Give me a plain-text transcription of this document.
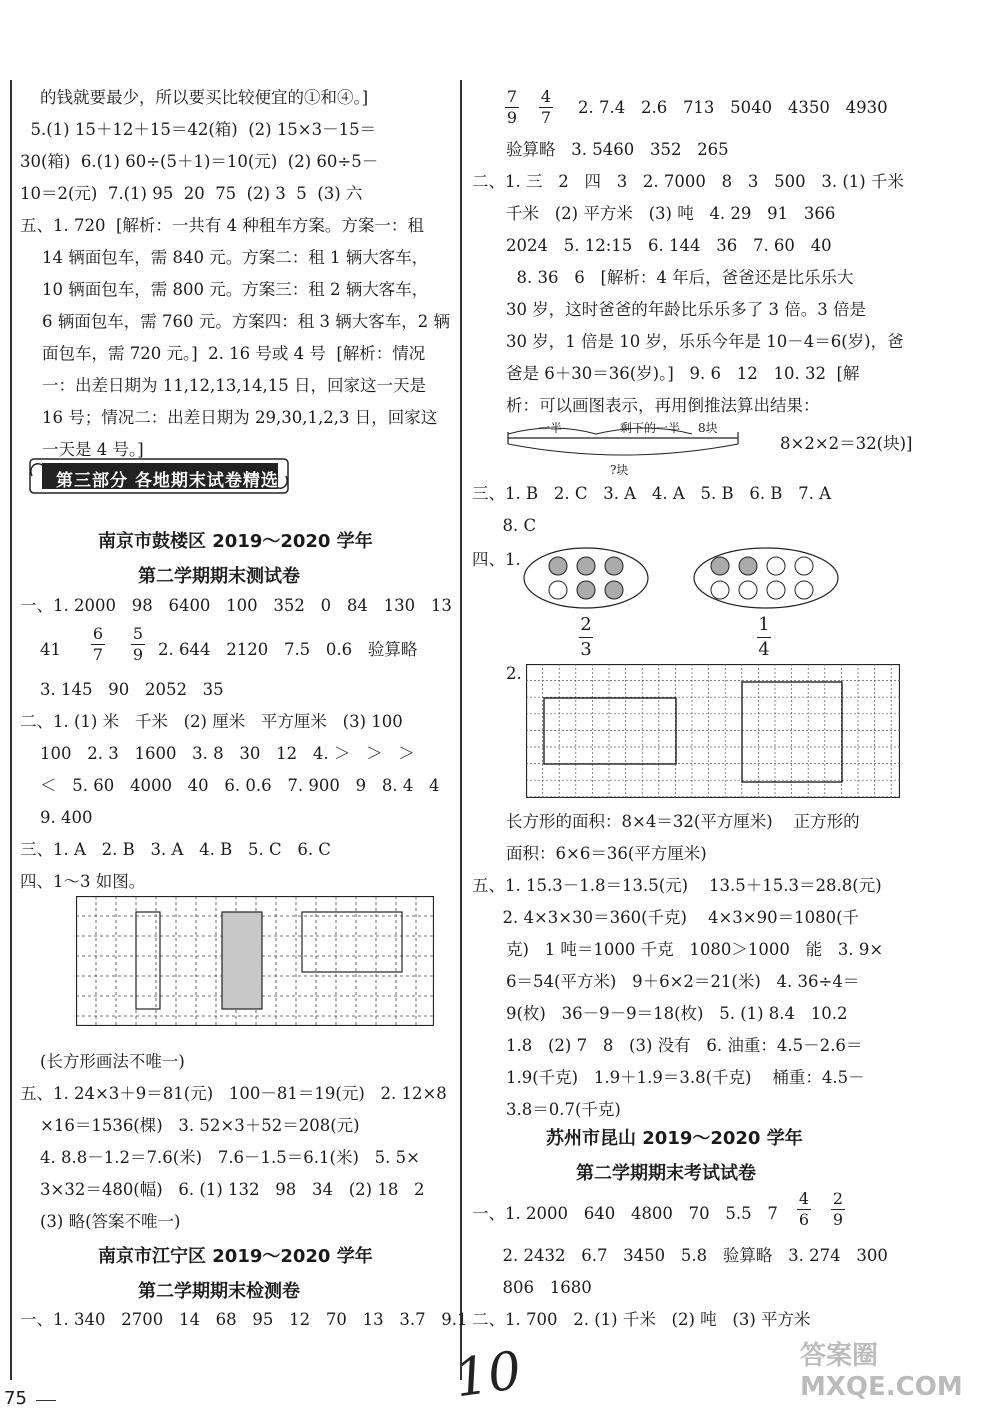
的钱就要最少，所以要买比较便宜的①和④。]
5.(1) 15＋12＋15＝42(箱)  (2) 15×3－15＝
30(箱)  6.(1) 60÷(5＋1)＝10(元)  (2) 60÷5－
10＝2(元)  7.(1) 95  20  75  (2) 3  5  (3) 六
五、1. 720  [解析：一共有 4 种租车方案。方案一：租
14 辆面包车，需 840 元。方案二：租 1 辆大客车，
10 辆面包车，需 800 元。方案三：租 2 辆大客车，
6 辆面包车，需 760 元。方案四：租 3 辆大客车，2 辆
面包车，需 720 元。]  2. 16 号或 4 号  [解析：情况
一：出差日期为 11,12,13,14,15 日，回家这一天是
16 号；情况二：出差日期为 29,30,1,2,3 日，回家这
一天是 4 号。]
第三部分 各地期末试卷精选
南京市鼓楼区 2019～2020 学年
第二学期期末测试卷
一、1. 2000   98   6400   100   352   0   84   130   13
41
6
7
5
9 2. 644   2120   7.5   0.6   验算略
3. 145   90   2052   35
二、1. (1) 米   千米   (2) 厘米   平方厘米   (3) 100
100   2. 3   1600   3. 8   30   12   4. ＞   ＞   ＞
＜   5. 60   4000   40   6. 0.6   7. 900   9   8. 4   4
9. 400
三、1. A   2. B   3. A   4. B   5. C   6. C
四、1～3 如图。
(长方形画法不唯一)
五、1. 24×3＋9＝81(元)   100－81＝19(元)   2. 12×8
×16＝1536(棵)   3. 52×3＋52＝208(元)
4. 8.8－1.2＝7.6(米)   7.6－1.5＝6.1(米)   5. 5×
3×32＝480(幅)   6. (1) 132   98   34   (2) 18   2
(3) 略(答案不唯一)
南京市江宁区 2019～2020 学年
第二学期期末检测卷
一、1. 340   2700   14   68   95   12   70   13   3.7   9.1
7
9
4
7
2. 7.4   2.6   713   5040   4350   4930
验算略   3. 5460   352   265
二、1. 三   2   四   3   2. 7000   8   3   500   3. (1) 千米
千米   (2) 平方米   (3) 吨   4. 29   91   366
2024   5. 12:15   6. 144   36   7. 60   40
8. 36   6   [解析：4 年后，爸爸还是比乐乐大
30 岁，这时爸爸的年龄比乐乐多了 3 倍。3 倍是
30 岁，1 倍是 10 岁，乐乐今年是 10－4＝6(岁)，爸
爸是 6＋30＝36(岁)。]   9. 6   12   10. 32  [解
析：可以画图表示，再用倒推法算出结果：
一半	剩下的一半 8块
?块
8×2×2＝32(块)]
三、1. B   2. C   3. A   4. A   5. B   6. B   7. A
8. C
四、1.
2
3
1
4
2.
长方形的面积：8×4＝32(平方厘米)    正方形的
面积：6×6＝36(平方厘米)
五、1. 15.3－1.8＝13.5(元)    13.5＋15.3＝28.8(元)
2. 4×3×30＝360(千克)    4×3×90＝1080(千
克)   1 吨＝1000 千克   1080＞1000   能   3. 9×
6＝54(平方米)   9＋6×2＝21(米)   4. 36÷4＝
9(枚)   36－9－9＝18(枚)   5. (1) 8.4   10.2
1.8   (2) 7   8   (3) 没有   6. 油重：4.5－2.6＝
1.9(千克)   1.9＋1.9＝3.8(千克)    桶重：4.5－
3.8＝0.7(千克)
苏州市昆山 2019～2020 学年
第二学期期末考试试卷
一、1. 2000   640   4800   70   5.5   7
4
6
2
9
2. 2432   6.7   3450   5.8   验算略   3. 274   300
806   1680
二、1. 700   2. (1) 千米   (2) 吨   (3) 平方米
75	10	答案圈 MXQE.COM
